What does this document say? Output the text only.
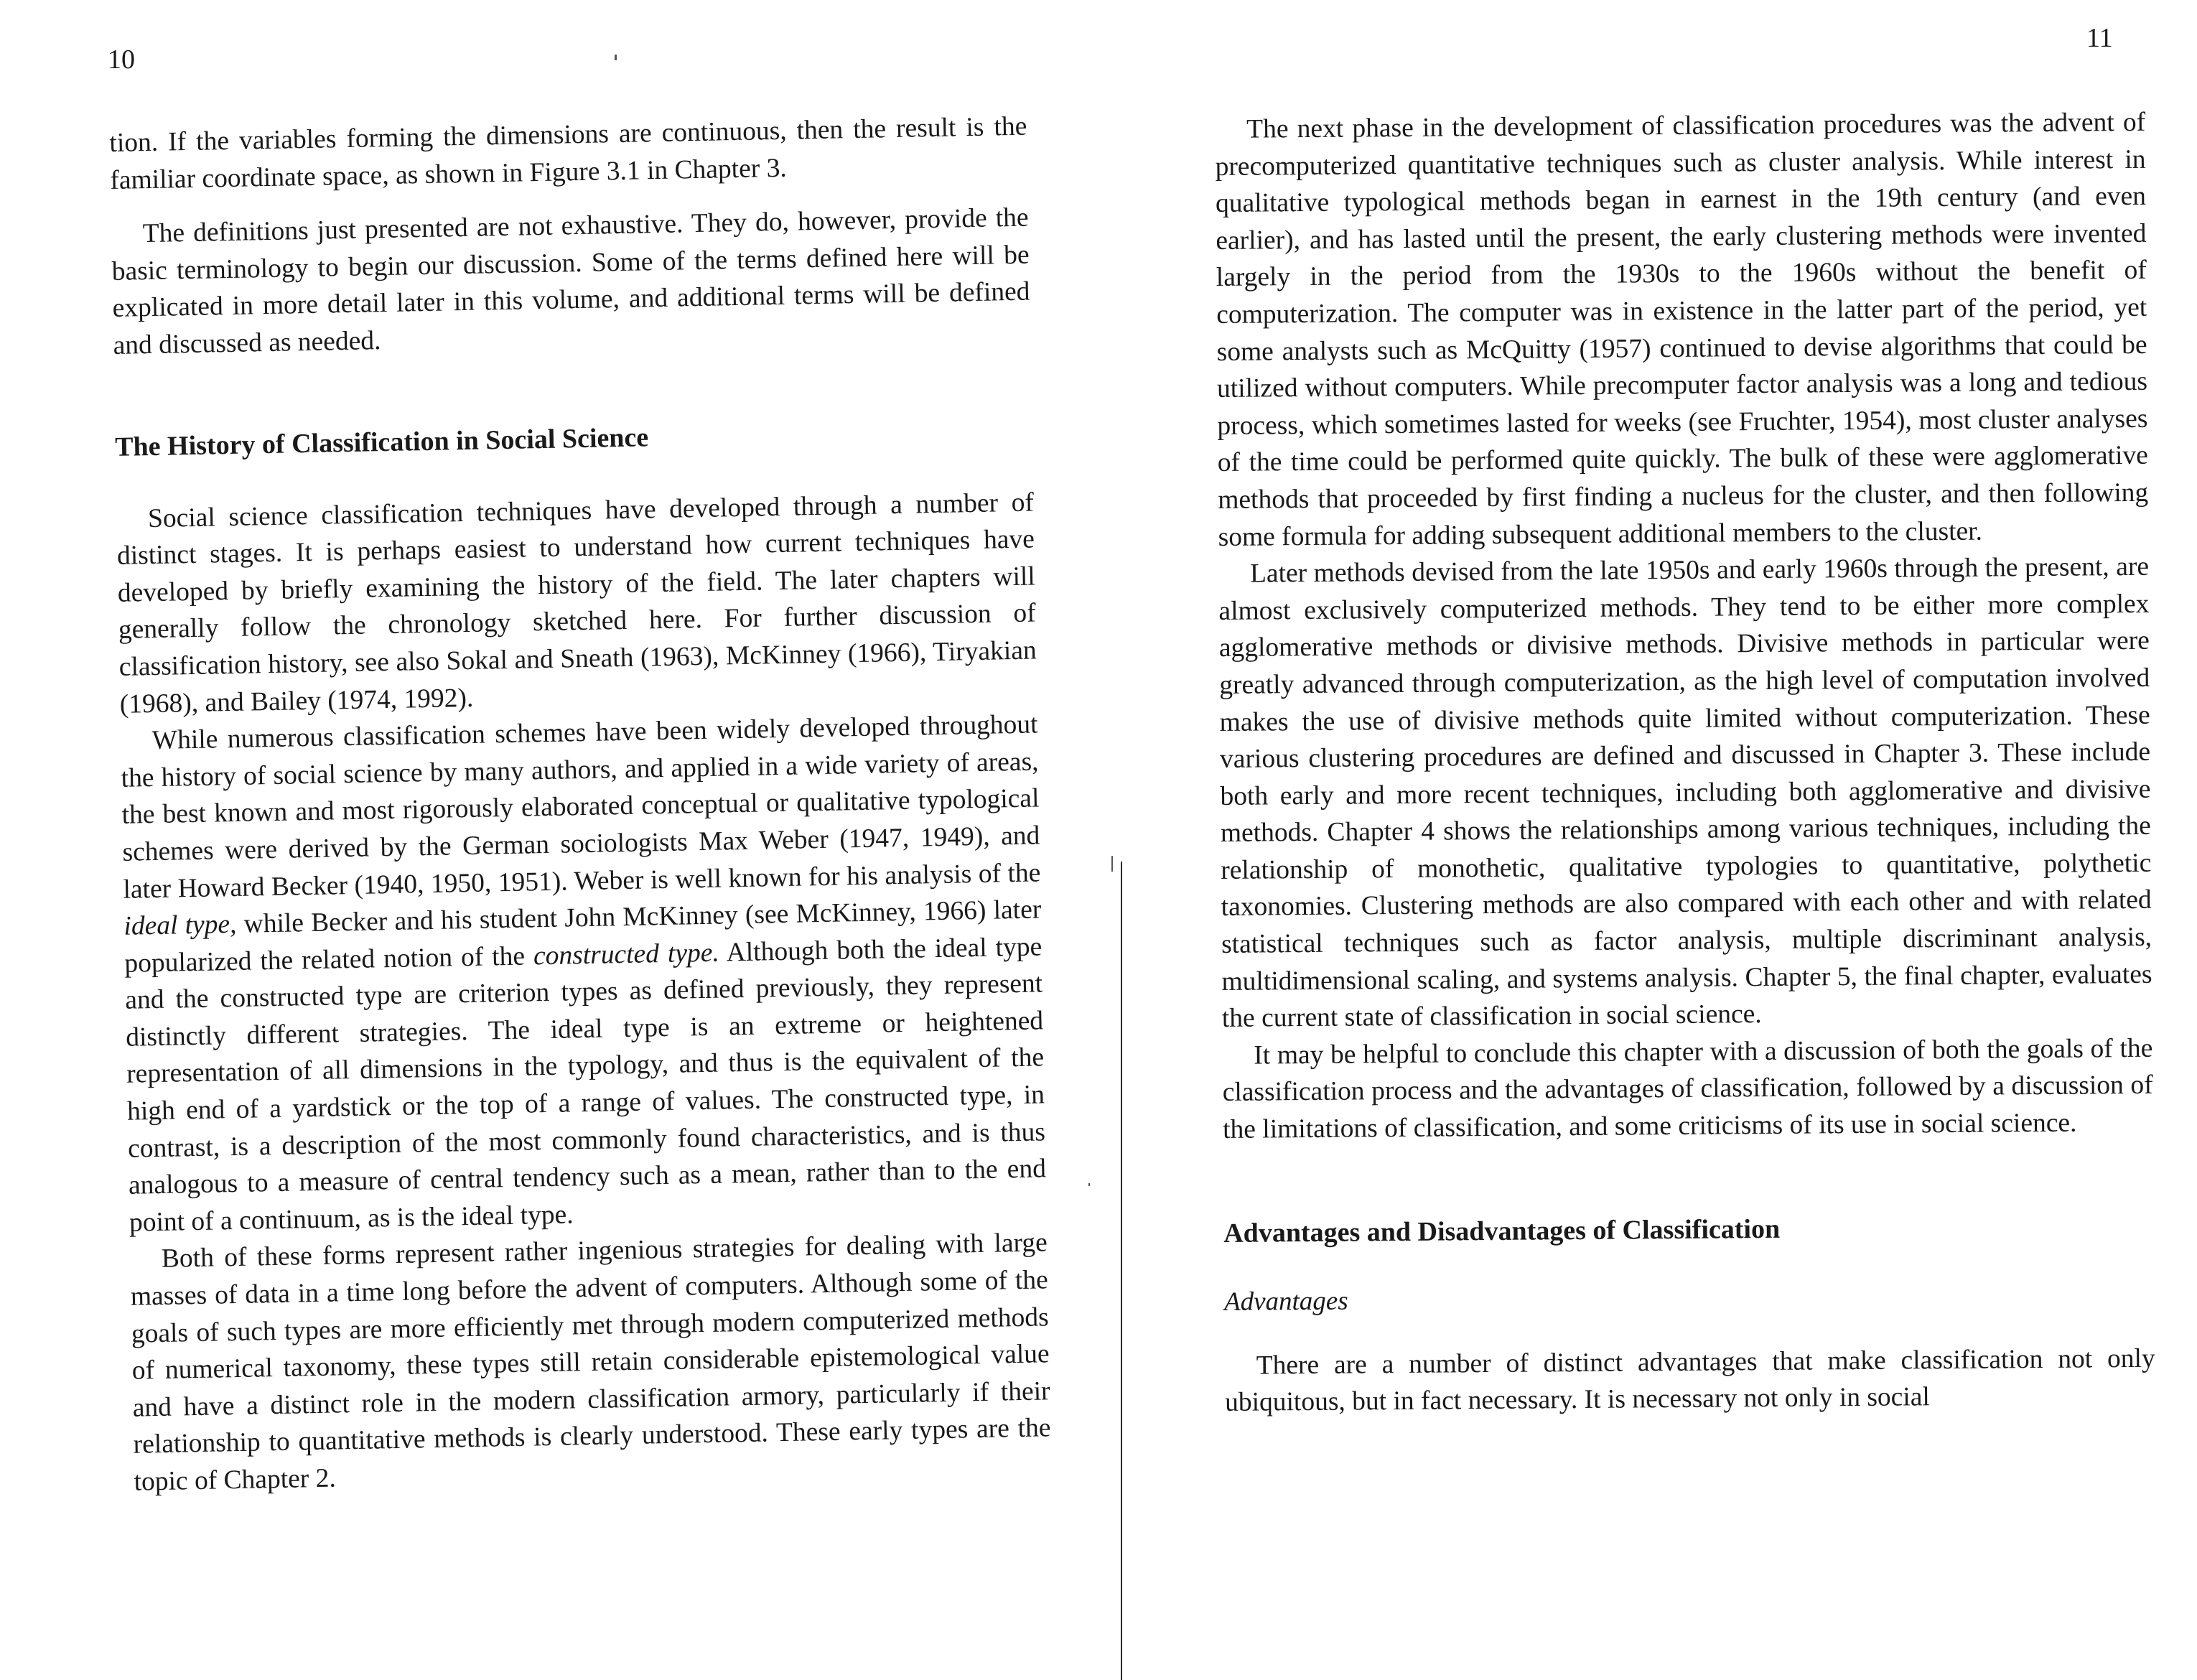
10

tion. If the variables forming the dimensions are continuous, then the result is the familiar coordinate space, as shown in Figure 3.1 in Chapter 3.

The definitions just presented are not exhaustive. They do, however, provide the basic terminology to begin our discussion. Some of the terms defined here will be explicated in more detail later in this volume, and additional terms will be defined and discussed as needed.

The History of Classification in Social Science

Social science classification techniques have developed through a number of distinct stages. It is perhaps easiest to understand how current techniques have developed by briefly examining the history of the field. The later chapters will generally follow the chronology sketched here. For further discussion of classification history, see also Sokal and Sneath (1963), McKinney (1966), Tiryakian (1968), and Bailey (1974, 1992).

While numerous classification schemes have been widely developed throughout the history of social science by many authors, and applied in a wide variety of areas, the best known and most rigorously elaborated conceptual or qualitative typological schemes were derived by the German sociologists Max Weber (1947, 1949), and later Howard Becker (1940, 1950, 1951). Weber is well known for his analysis of the ideal type, while Becker and his student John McKinney (see McKinney, 1966) later popularized the related notion of the constructed type. Although both the ideal type and the constructed type are criterion types as defined previously, they represent distinctly different strategies. The ideal type is an extreme or heightened representation of all dimensions in the typology, and thus is the equivalent of the high end of a yardstick or the top of a range of values. The constructed type, in contrast, is a description of the most commonly found characteristics, and is thus analogous to a measure of central tendency such as a mean, rather than to the end point of a continuum, as is the ideal type.

Both of these forms represent rather ingenious strategies for dealing with large masses of data in a time long before the advent of computers. Although some of the goals of such types are more efficiently met through modern computerized methods of numerical taxonomy, these types still retain considerable epistemological value and have a distinct role in the modern classification armory, particularly if their relationship to quantitative methods is clearly understood. These early types are the topic of Chapter 2.

11

The next phase in the development of classification procedures was the advent of precomputerized quantitative techniques such as cluster analysis. While interest in qualitative typological methods began in earnest in the 19th century (and even earlier), and has lasted until the present, the early clustering methods were invented largely in the period from the 1930s to the 1960s without the benefit of computerization. The computer was in existence in the latter part of the period, yet some analysts such as McQuitty (1957) continued to devise algorithms that could be utilized without computers. While precomputer factor analysis was a long and tedious process, which sometimes lasted for weeks (see Fruchter, 1954), most cluster analyses of the time could be performed quite quickly. The bulk of these were agglomerative methods that proceeded by first finding a nucleus for the cluster, and then following some formula for adding subsequent additional members to the cluster.

Later methods devised from the late 1950s and early 1960s through the present, are almost exclusively computerized methods. They tend to be either more complex agglomerative methods or divisive methods. Divisive methods in particular were greatly advanced through computerization, as the high level of computation involved makes the use of divisive methods quite limited without computerization. These various clustering procedures are defined and discussed in Chapter 3. These include both early and more recent techniques, including both agglomerative and divisive methods. Chapter 4 shows the relationships among various techniques, including the relationship of monothetic, qualitative typologies to quantitative, polythetic taxonomies. Clustering methods are also compared with each other and with related statistical techniques such as factor analysis, multiple discriminant analysis, multidimensional scaling, and systems analysis. Chapter 5, the final chapter, evaluates the current state of classification in social science.

It may be helpful to conclude this chapter with a discussion of both the goals of the classification process and the advantages of classification, followed by a discussion of the limitations of classification, and some criticisms of its use in social science.

Advantages and Disadvantages of Classification
Advantages

There are a number of distinct advantages that make classification not only ubiquitous, but in fact necessary. It is necessary not only in social
